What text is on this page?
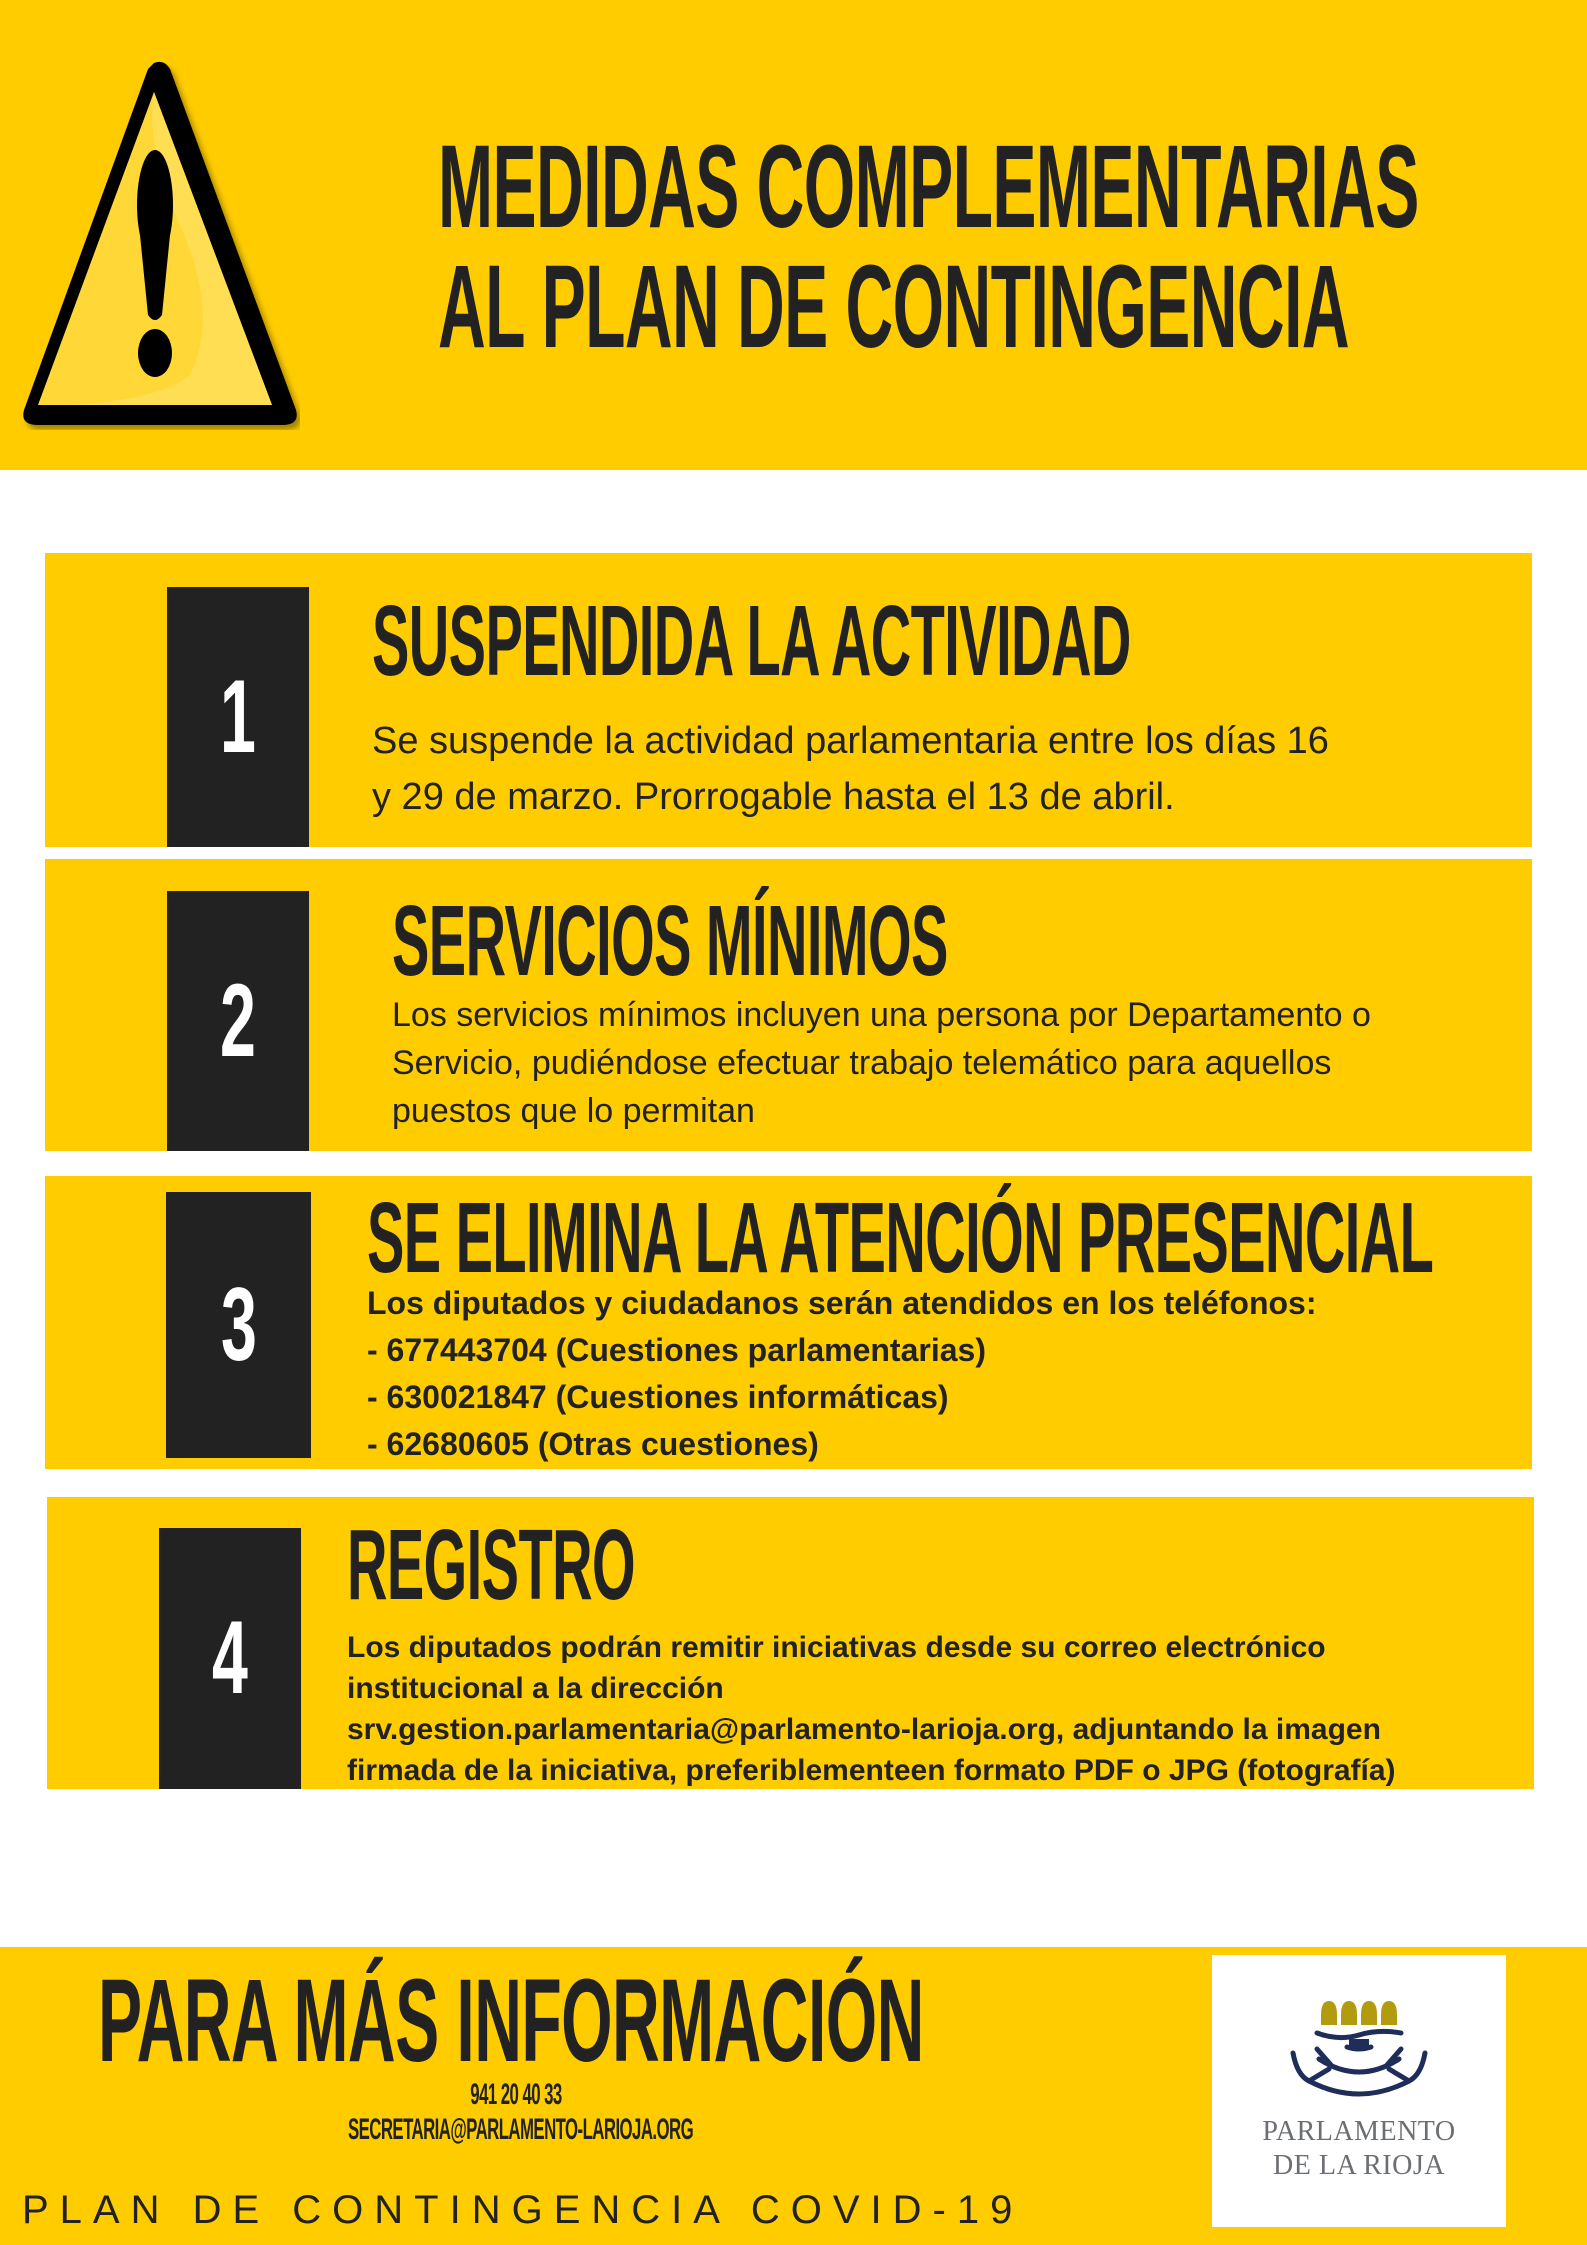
MEDIDAS COMPLEMENTARIAS
AL PLAN DE CONTINGENCIA
1
SUSPENDIDA LA ACTIVIDAD
Se suspende la actividad parlamentaria entre los días 16
y 29 de marzo. Prorrogable hasta el 13 de abril.
2
SERVICIOS MÍNIMOS
Los servicios mínimos incluyen una persona por Departamento o
Servicio, pudiéndose efectuar trabajo telemático para aquellos
puestos que lo permitan
3
SE ELIMINA LA ATENCIÓN PRESENCIAL
Los diputados y ciudadanos serán atendidos en los teléfonos:
- 677443704 (Cuestiones parlamentarias)
- 630021847 (Cuestiones informáticas)
- 62680605 (Otras cuestiones)
4
REGISTRO
Los diputados podrán remitir iniciativas desde su correo electrónico
institucional a la dirección
srv.gestion.parlamentaria@parlamento-larioja.org, adjuntando la imagen
firmada de la iniciativa, preferiblementeen formato PDF o JPG (fotografía)
PARA MÁS INFORMACIÓN
941 20 40 33
SECRETARIA@PARLAMENTO-LARIOJA.ORG
PLAN DE CONTINGENCIA COVID-19
PARLAMENTO
DE LA RIOJA
